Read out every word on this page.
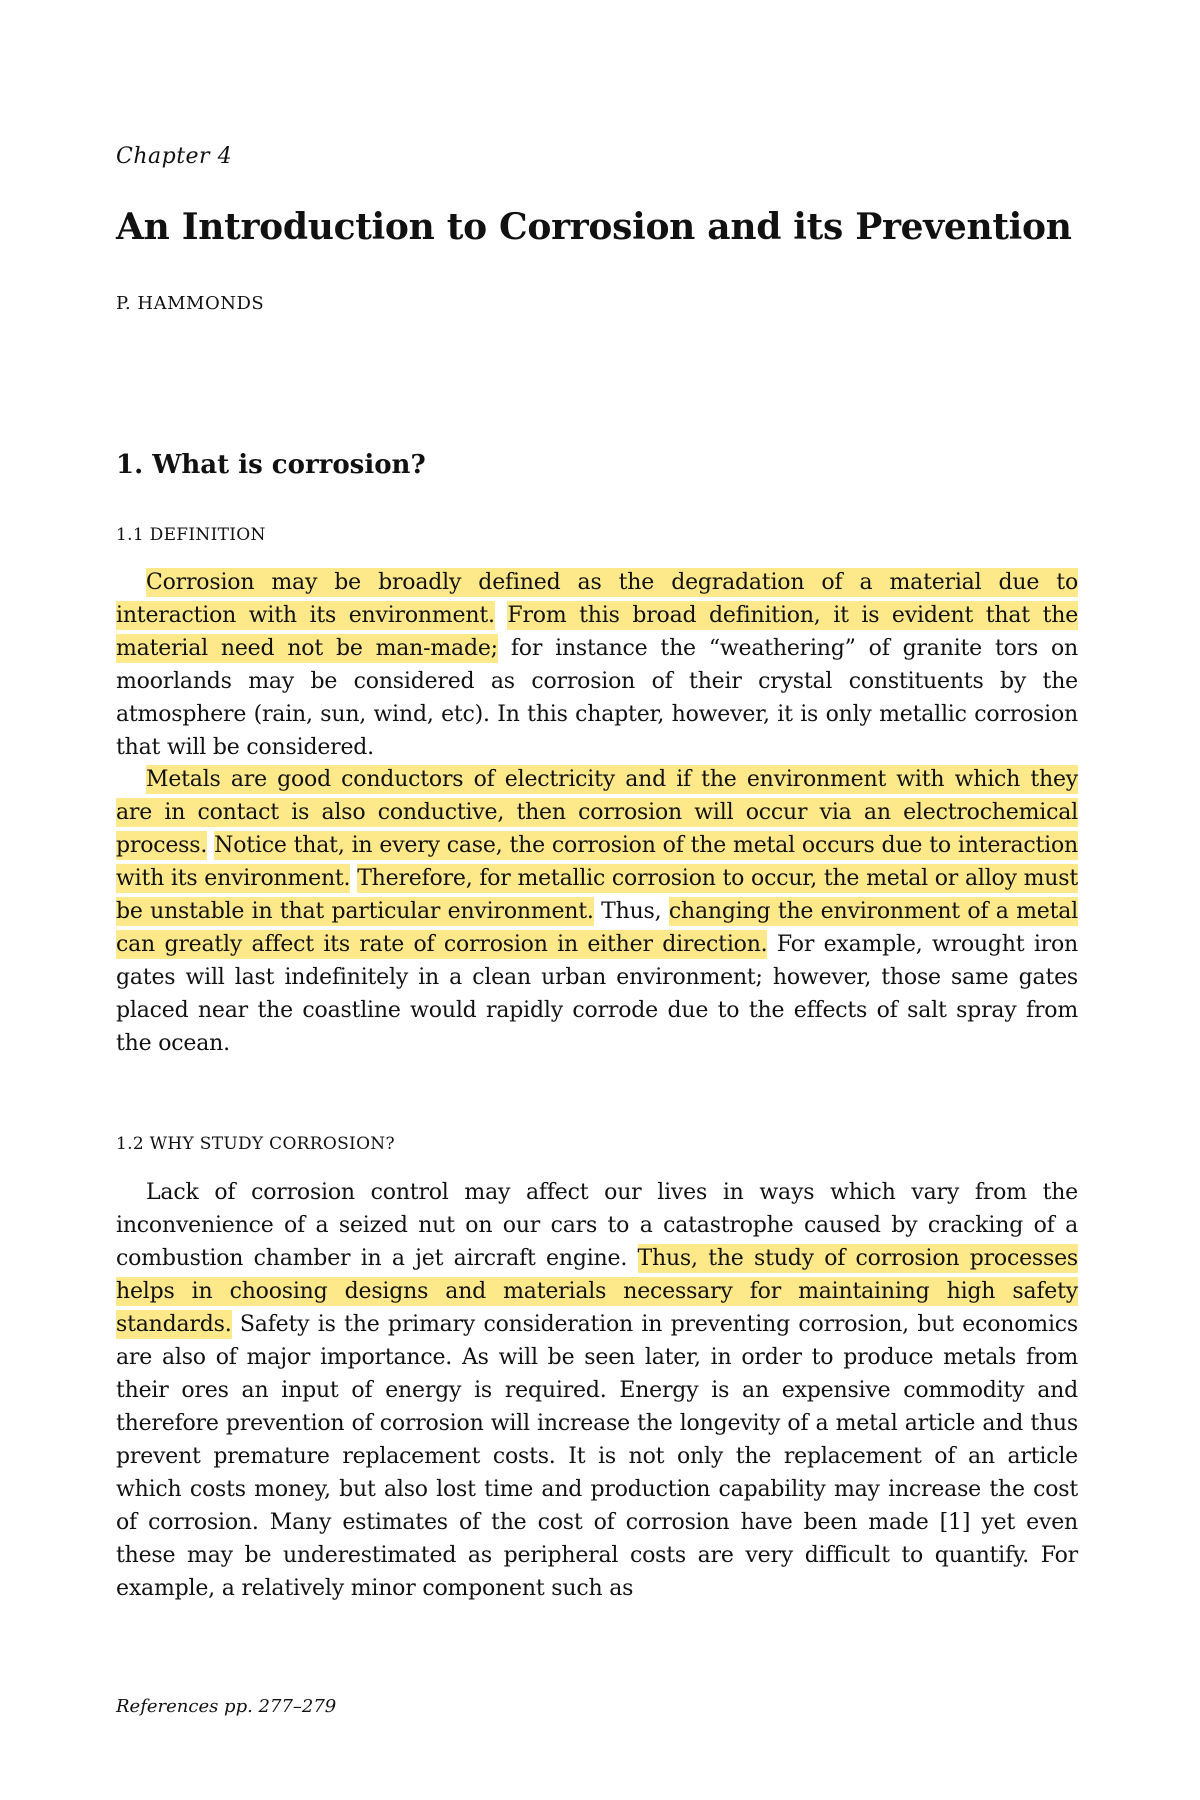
Chapter 4
An Introduction to Corrosion and its Prevention
P. HAMMONDS
1. What is corrosion?
1.1 DEFINITION

Corrosion may be broadly defined as the degradation of a material due to interaction with its environment. From this broad definition, it is evident that the material need not be man-made; for instance the “weathering” of granite tors on moorlands may be considered as corrosion of their crystal constituents by the atmosphere (rain, sun, wind, etc). In this chapter, however, it is only metallic corrosion that will be considered.

Metals are good conductors of electricity and if the environment with which they are in contact is also conductive, then corrosion will occur via an electrochemical process. Notice that, in every case, the corrosion of the metal occurs due to interaction with its environment. Therefore, for metallic corrosion to occur, the metal or alloy must be unstable in that particular environment. Thus, changing the environment of a metal can greatly affect its rate of corrosion in either direction. For example, wrought iron gates will last indefinitely in a clean urban environment; however, those same gates placed near the coastline would rapidly corrode due to the effects of salt spray from the ocean.

1.2 WHY STUDY CORROSION?

Lack of corrosion control may affect our lives in ways which vary from the inconvenience of a seized nut on our cars to a catastrophe caused by cracking of a combustion chamber in a jet aircraft engine. Thus, the study of corrosion processes helps in choosing designs and materials necessary for maintaining high safety standards. Safety is the primary consideration in preventing corrosion, but economics are also of major importance. As will be seen later, in order to produce metals from their ores an input of energy is required. Energy is an expensive commodity and therefore prevention of corrosion will increase the longevity of a metal article and thus prevent premature replacement costs. It is not only the replacement of an article which costs money, but also lost time and production capability may increase the cost of corrosion. Many estimates of the cost of corrosion have been made [1] yet even these may be underestimated as peripheral costs are very difficult to quantify. For example, a relatively minor component such as

References pp. 277–279
